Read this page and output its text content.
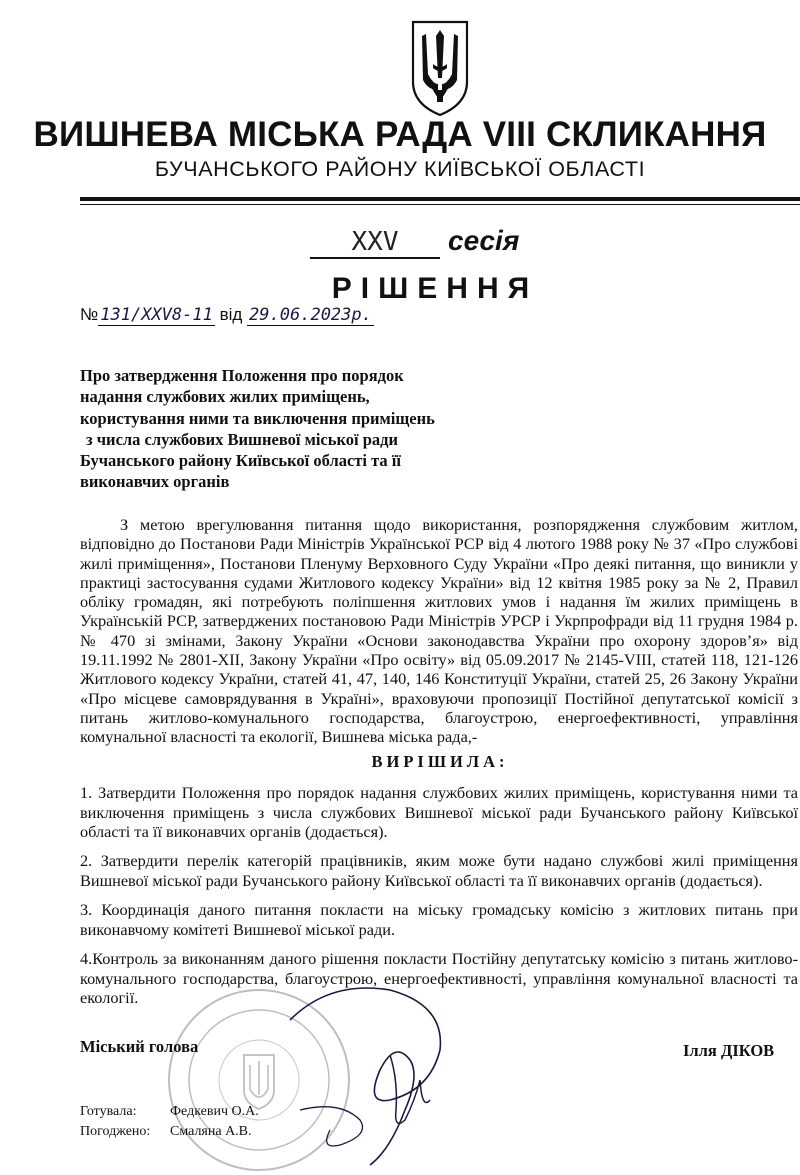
ВИШНЕВА МІСЬКА РАДА VIII СКЛИКАННЯ
БУЧАНСЬКОГО РАЙОНУ КИЇВСЬКОЇ ОБЛАСТІ
XXV сесія
РІШЕННЯ
№ 131/XXV8-11 від 29.06.2023р.
Про затвердження Положення про порядок
надання службових жилих приміщень,
користування ними та виключення приміщень
з числа службових Вишневої міської ради
Бучанського району Київської області та її
виконавчих органів
З метою врегулювання питання щодо використання, розпорядження службовим житлом, відповідно до Постанови Ради Міністрів Української РСР від 4 лютого 1988 року № 37 «Про службові жилі приміщення», Постанови Пленуму Верховного Суду України «Про деякі питання, що виникли у практиці застосування судами Житлового кодексу України» від 12 квітня 1985 року за № 2, Правил обліку громадян, які потребують поліпшення житлових умов і надання їм жилих приміщень в Українській РСР, затверджених постановою Ради Міністрів УРСР і Укрпрофради від 11 грудня 1984 р. № 470 зі змінами, Закону України «Основи законодавства України про охорону здоров’я» від 19.11.1992 № 2801-XII, Закону України «Про освіту» від 05.09.2017 № 2145-VIII, статей 118, 121-126 Житлового кодексу України, статей 41, 47, 140, 146 Конституції України, статей 25, 26 Закону України «Про місцеве самоврядування в Україні», враховуючи пропозиції Постійної депутатської комісії з питань житлово-комунального господарства, благоустрою, енергоефективності, управління комунальної власності та екології, Вишнева міська рада,-
ВИРІШИЛА:
1. Затвердити Положення про порядок надання службових жилих приміщень, користування ними та виключення приміщень з числа службових Вишневої міської ради Бучанського району Київської області та її виконавчих органів (додається).
2. Затвердити перелік категорій працівників, яким може бути надано службові жилі приміщення Вишневої міської ради Бучанського району Київської області та її виконавчих органів (додається).
3. Координація даного питання покласти на міську громадську комісію з житлових питань при виконавчому комітеті Вишневої міської ради.
4.Контроль за виконанням даного рішення покласти Постійну депутатську комісію з питань житлово-комунального господарства, благоустрою, енергоефективності, управління комунальної власності та екології.
Міський голова	Ілля ДІКОВ
Готувала:	Федкевич О.А.
Погоджено:	Смаляна А.В.
